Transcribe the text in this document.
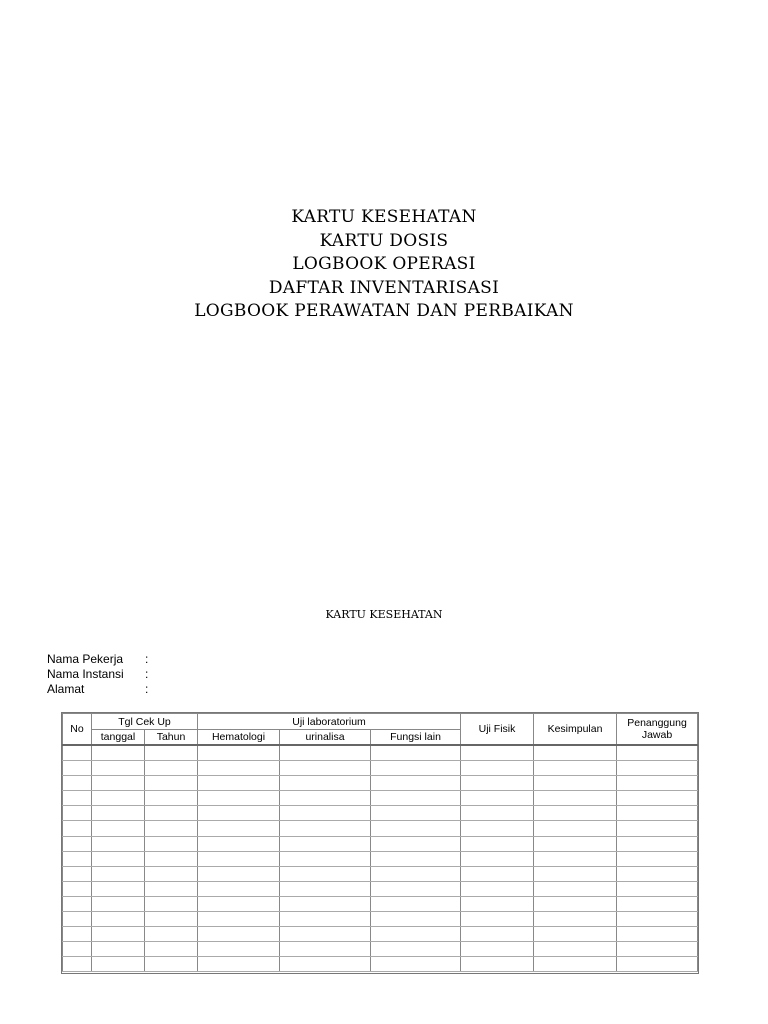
KARTU KESEHATAN
KARTU DOSIS
LOGBOOK OPERASI
DAFTAR INVENTARISASI
LOGBOOK PERAWATAN DAN PERBAIKAN
KARTU KESEHATAN
Nama Pekerja	:
Nama Instansi	:
Alamat	:
No	Tgl Cek Up		Uji laboratorium			Uji Fisik	Kesimpulan	Penanggung Jawab
	tanggal	Tahun	Hematologi	urinalisa	Fungsi lain			
